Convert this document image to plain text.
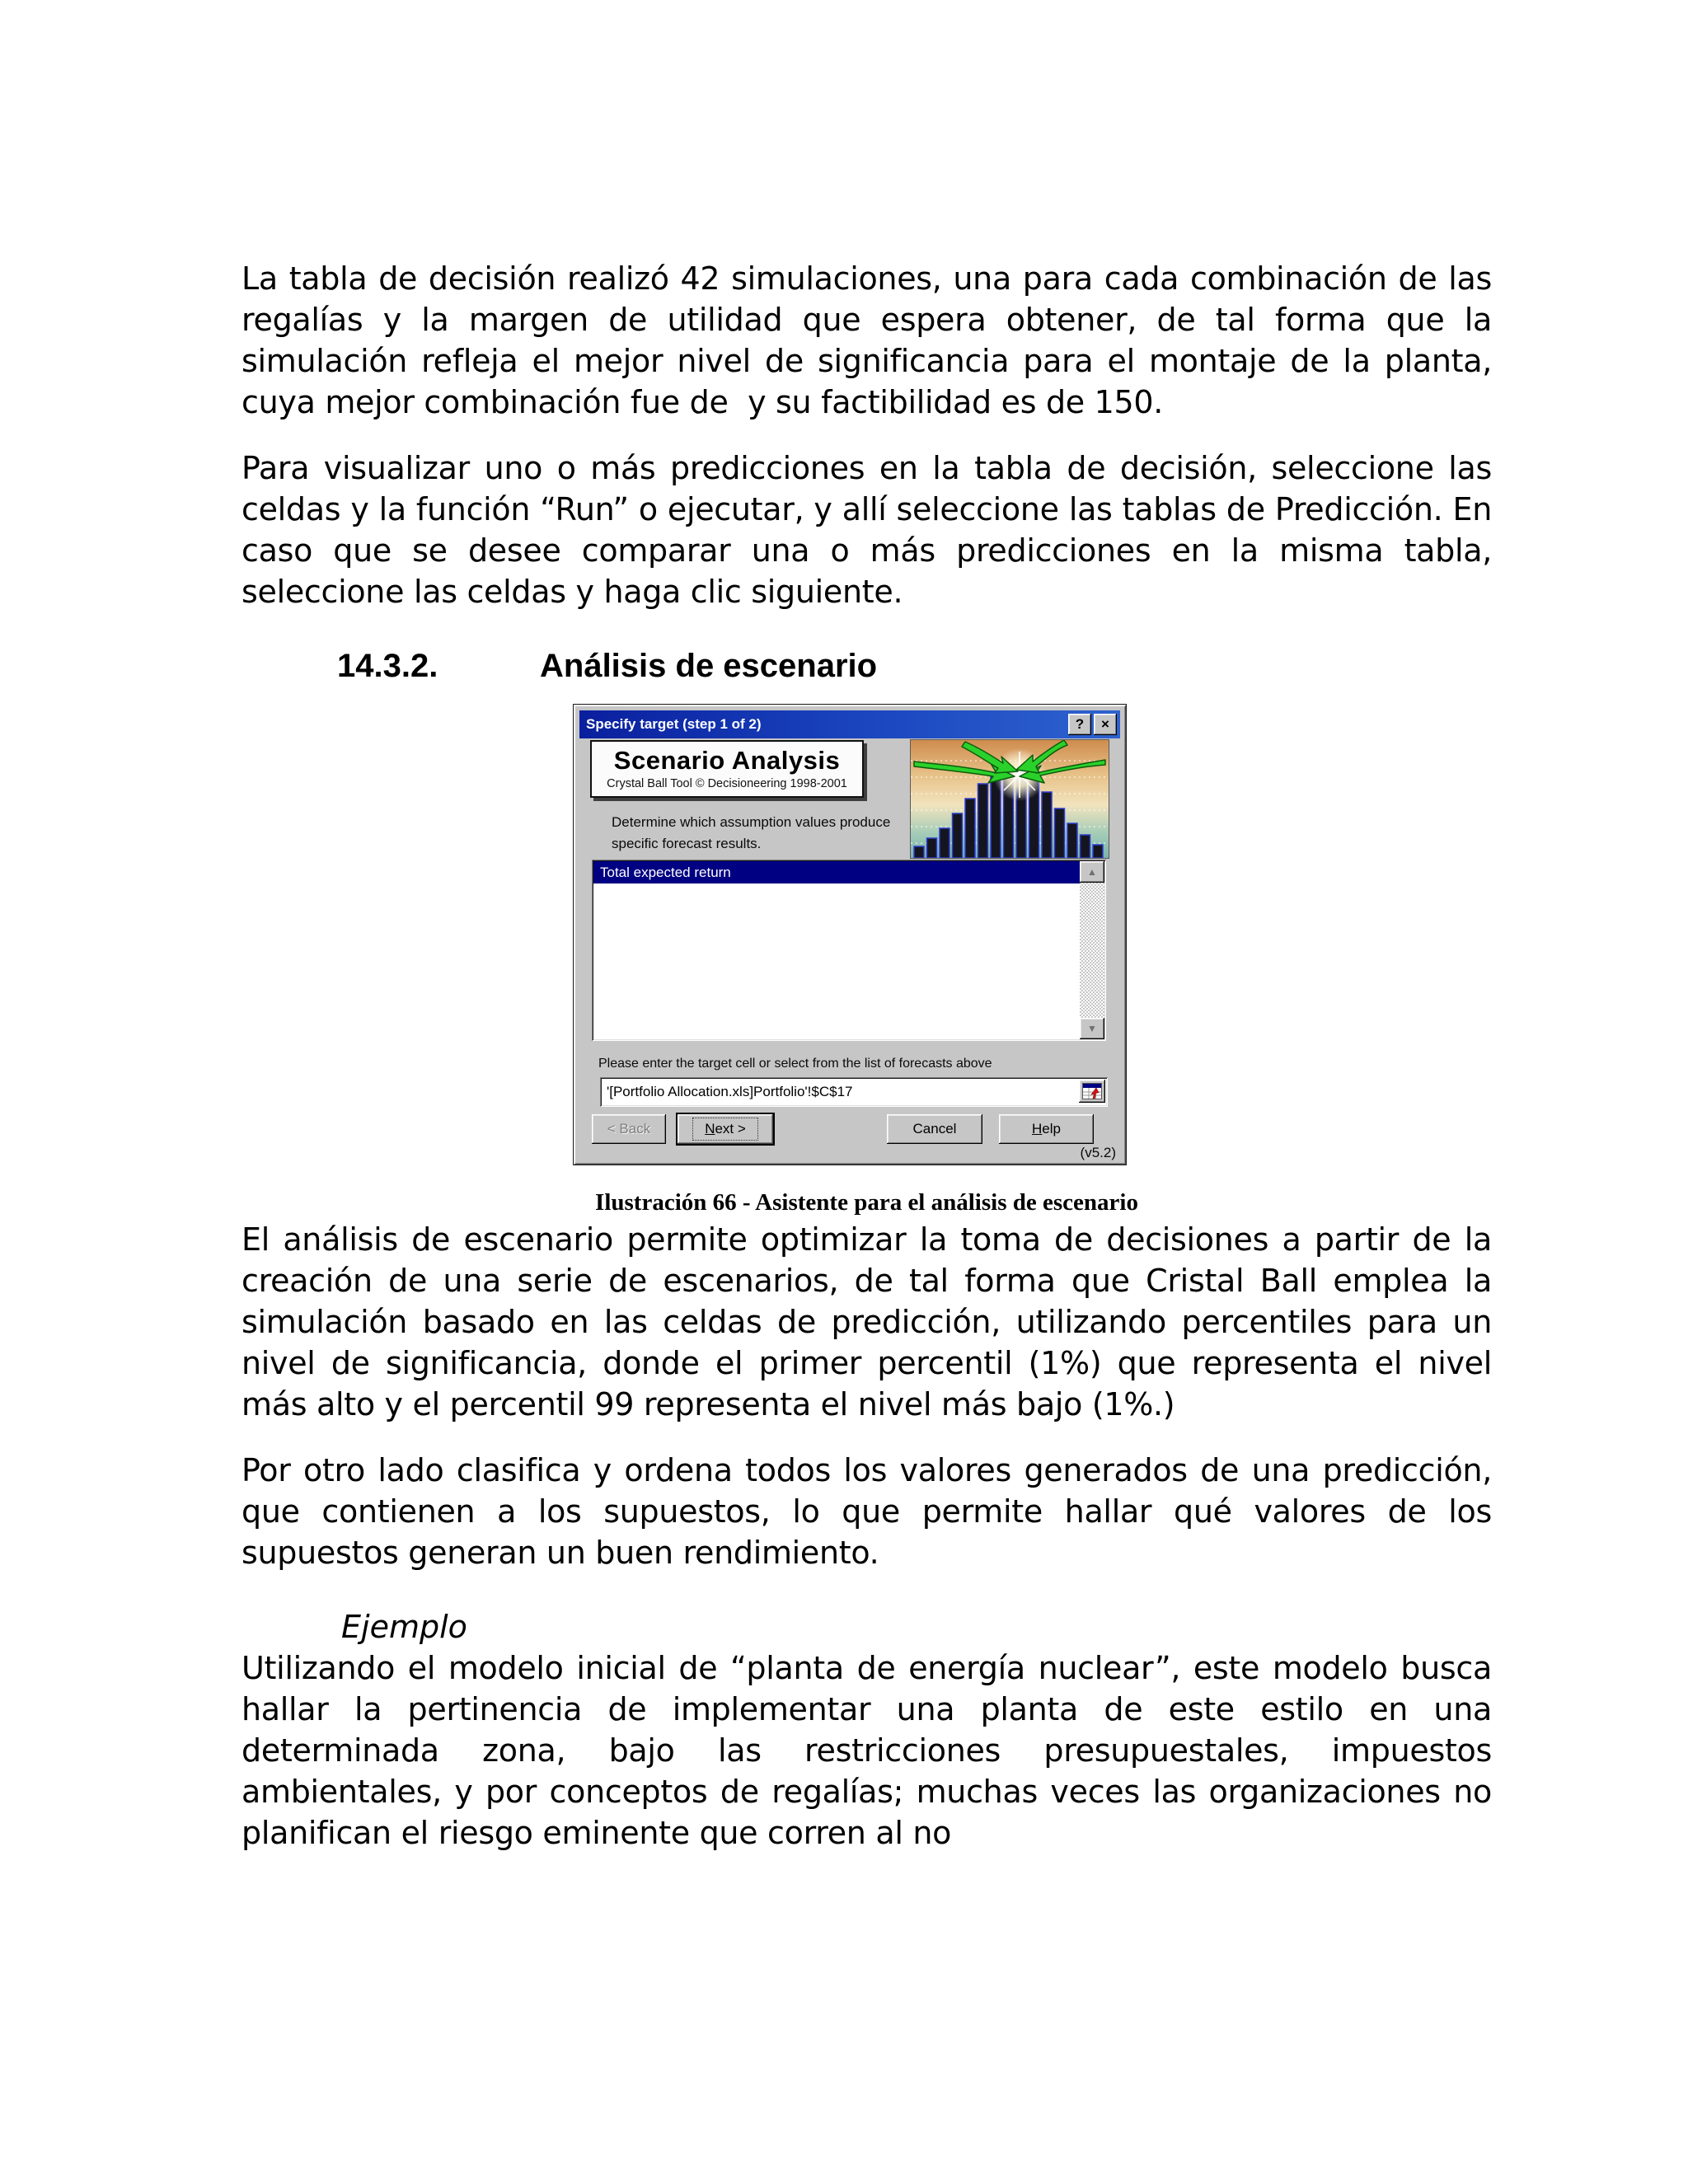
La tabla de decisión realizó 42 simulaciones, una para cada combinación de las regalías y la margen de utilidad que espera obtener, de tal forma que la simulación refleja el mejor nivel de significancia para el montaje de la planta, cuya mejor combinación fue de  y su factibilidad es de 150.

Para visualizar uno o más predicciones en la tabla de decisión, seleccione las celdas y la función “Run” o ejecutar, y allí seleccione las tablas de Predicción. En caso que se desee comparar una o más predicciones en la misma tabla, seleccione las celdas y haga clic siguiente.

14.3.2.	Análisis de escenario
Specify target (step 1 of 2)	?	×
Scenario Analysis
Crystal Ball Tool © Decisioneering 1998-2001
Determine which assumption values produce specific forecast results.
Total expected return	▲
▼
Please enter the target cell or select from the list of forecasts above
'[Portfolio Allocation.xls]Portfolio'!$C$17
< Back	Next >	Cancel	Help
(v5.2)
Ilustración 66 - Asistente para el análisis de escenario

El análisis de escenario permite optimizar la toma de decisiones a partir de la creación de una serie de escenarios, de tal forma que Cristal Ball emplea la simulación basado en las celdas de predicción, utilizando percentiles para un nivel de significancia, donde el primer percentil (1%) que representa el nivel más alto y el percentil 99 representa el nivel más bajo (1%.)

Por otro lado clasifica y ordena todos los valores generados de una predicción, que contienen a los supuestos, lo que permite hallar qué valores de los supuestos generan un buen rendimiento.

Ejemplo

Utilizando el modelo inicial de “planta de energía nuclear”, este modelo busca hallar la pertinencia de implementar una planta de este estilo en una determinada zona, bajo las restricciones presupuestales, impuestos ambientales, y por conceptos de regalías; muchas veces las organizaciones no planifican el riesgo eminente que corren al no
